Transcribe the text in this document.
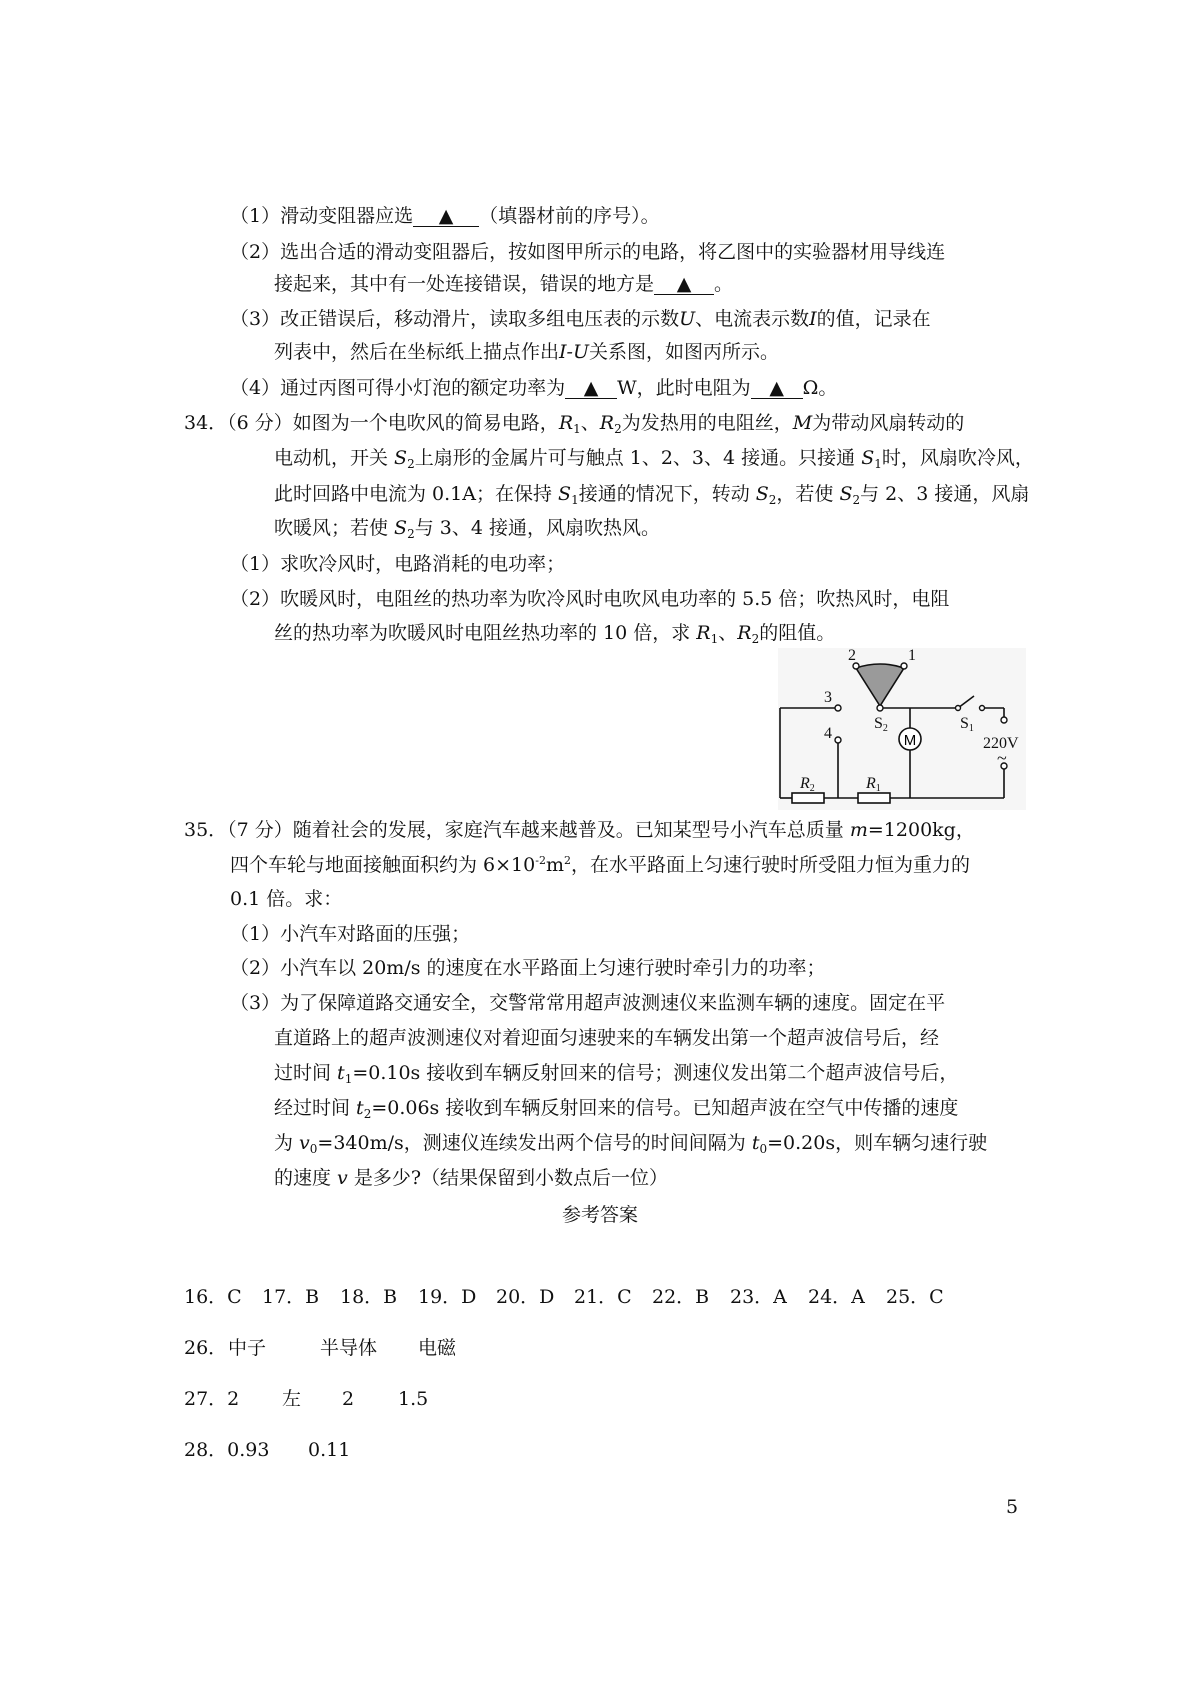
（1）滑动变阻器应选 ▲ （填器材前的序号）。
（2）选出合适的滑动变阻器后，按如图甲所示的电路，将乙图中的实验器材用导线连
接起来，其中有一处连接错误，错误的地方是 ▲ 。
（3）改正错误后，移动滑片，读取多组电压表的示数U、电流表示数I的值，记录在
列表中，然后在坐标纸上描点作出I-U关系图，如图丙所示。
（4）通过丙图可得小灯泡的额定功率为 ▲ W，此时电阻为 ▲ Ω。
34．（6 分）如图为一个电吹风的简易电路，$R_1$、$R_2$为发热用的电阻丝，M为带动风扇转动的
电动机，开关 $S_2$上扇形的金属片可与触点 1、2、3、4 接通。只接通 $S_1$时，风扇吹冷风，
此时回路中电流为 0.1A；在保持 $S_1$接通的情况下，转动 $S_2$，若使 $S_2$与 2、3 接通，风扇
吹暖风；若使 $S_2$与 3、4 接通，风扇吹热风。
（1）求吹冷风时，电路消耗的电功率；
（2）吹暖风时，电阻丝的热功率为吹冷风时电吹风电功率的 5.5 倍；吹热风时，电阻
丝的热功率为吹暖风时电阻丝热功率的 10 倍，求 $R_1$、$R_2$的阻值。
M
2	1
3
4
S2	S1
220V
~
R2	R1
35．（7 分）随着社会的发展，家庭汽车越来越普及。已知某型号小汽车总质量 m=1200kg，
四个车轮与地面接触面积约为 $6\times 10^{-2}m^2$，在水平路面上匀速行驶时所受阻力恒为重力的
0.1 倍。求：
（1）小汽车对路面的压强；
（2）小汽车以 20m/s 的速度在水平路面上匀速行驶时牵引力的功率；
（3）为了保障道路交通安全，交警常常用超声波测速仪来监测车辆的速度。固定在平
直道路上的超声波测速仪对着迎面匀速驶来的车辆发出第一个超声波信号后，经
过时间 $t_1=0.10s$ 接收到车辆反射回来的信号；测速仪发出第二个超声波信号后，
经过时间 $t_2=0.06s$ 接收到车辆反射回来的信号。已知超声波在空气中传播的速度
为 $v_0=340m/s$，测速仪连续发出两个信号的时间间隔为 $t_0=0.20s$，则车辆匀速行驶
的速度 v 是多少?（结果保留到小数点后一位）
参考答案
16．C 17．B 18．B 19．D 20．D 21．C 22．B 23．A 24．A 25．C
26． 中子	半导体 电磁
27．2 左 2 1.5
28．0.93 0.11
5
